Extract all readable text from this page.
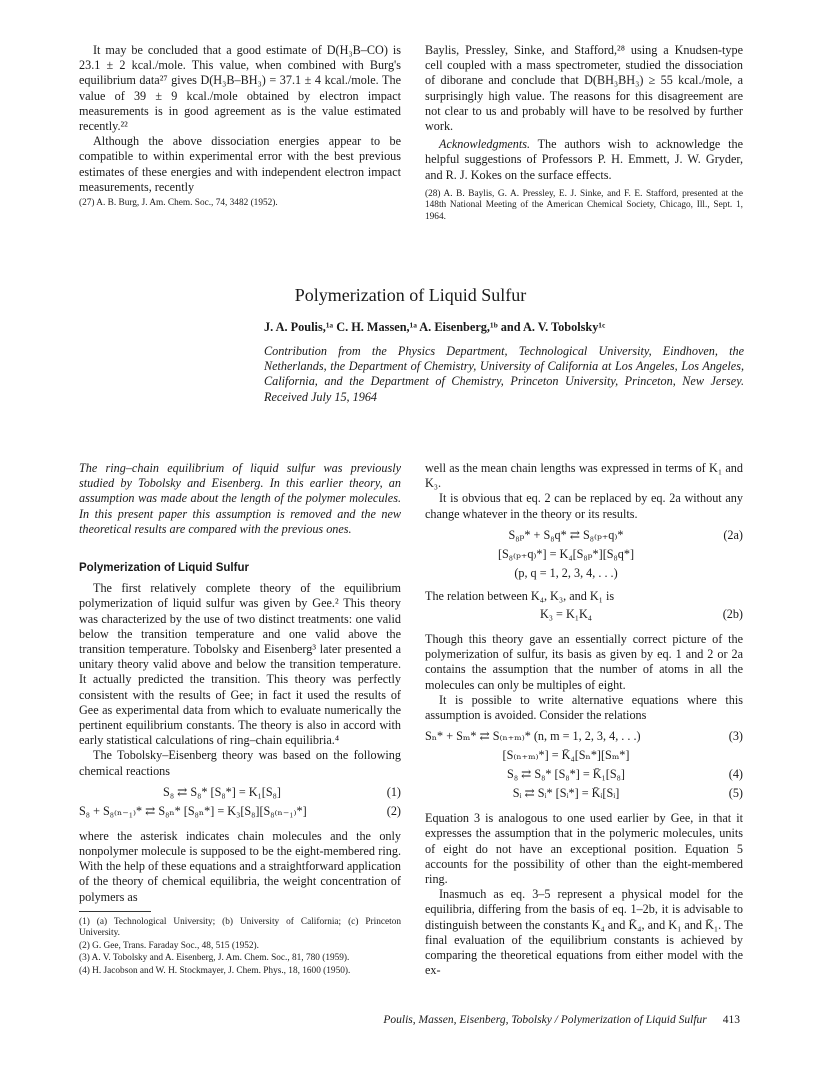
It may be concluded that a good estimate of D(H₃B–CO) is 23.1 ± 2 kcal./mole. This value, when combined with Burg's equilibrium data²⁷ gives D(H₃B–BH₃) = 37.1 ± 4 kcal./mole. The value of 39 ± 9 kcal./mole obtained by electron impact measurements is in good agreement as is the value estimated recently.²²

Although the above dissociation energies appear to be compatible to within experimental error with the best previous estimates of these energies and with independent electron impact measurements, recently

(27) A. B. Burg, J. Am. Chem. Soc., 74, 3482 (1952).

Baylis, Pressley, Sinke, and Stafford,²⁸ using a Knudsen-type cell coupled with a mass spectrometer, studied the dissociation of diborane and conclude that D(BH₃BH₃) ≥ 55 kcal./mole, a surprisingly high value. The reasons for this disagreement are not clear to us and probably will have to be resolved by further work.

Acknowledgments. The authors wish to acknowledge the helpful suggestions of Professors P. H. Emmett, J. W. Gryder, and R. J. Kokes on the surface effects.

(28) A. B. Baylis, G. A. Pressley, E. J. Sinke, and F. E. Stafford, presented at the 148th National Meeting of the American Chemical Society, Chicago, Ill., Sept. 1, 1964.

Polymerization of Liquid Sulfur
J. A. Poulis,¹ᵃ C. H. Massen,¹ᵃ A. Eisenberg,¹ᵇ and A. V. Tobolsky¹ᶜ
Contribution from the Physics Department, Technological University, Eindhoven, the Netherlands, the Department of Chemistry, University of California at Los Angeles, Los Angeles, California, and the Department of Chemistry, Princeton University, Princeton, New Jersey. Received July 15, 1964

The ring–chain equilibrium of liquid sulfur was previously studied by Tobolsky and Eisenberg. In this earlier theory, an assumption was made about the length of the polymer molecules. In this present paper this assumption is removed and the new theoretical results are compared with the previous ones.

Polymerization of Liquid Sulfur

The first relatively complete theory of the equilibrium polymerization of liquid sulfur was given by Gee.² This theory was characterized by the use of two distinct treatments: one valid below the transition temperature and one valid above the transition temperature. Tobolsky and Eisenberg³ later presented a unitary theory valid above and below the transition temperature. It actually predicted the transition. This theory was perfectly consistent with the results of Gee; in fact it used the results of Gee as experimental data from which to evaluate numerically the pertinent equilibrium constants. The theory is also in accord with early statistical calculations of ring–chain equilibria.⁴

The Tobolsky–Eisenberg theory was based on the following chemical reactions

S₈ ⇄ S₈* [S₈*] = K₁[S₈]	(1)
S₈ + S₈₍ₙ₋₁₎* ⇄ S₈ₙ* [S₈ₙ*] = K₃[S₈][S₈₍ₙ₋₁₎*]	(2)

where the asterisk indicates chain molecules and the only nonpolymer molecule is supposed to be the eight-membered ring. With the help of these equations and a straightforward application of the theory of chemical equilibria, the weight concentration of polymers as

(1) (a) Technological University; (b) University of California; (c) Princeton University.

(2) G. Gee, Trans. Faraday Soc., 48, 515 (1952).

(3) A. V. Tobolsky and A. Eisenberg, J. Am. Chem. Soc., 81, 780 (1959).

(4) H. Jacobson and W. H. Stockmayer, J. Chem. Phys., 18, 1600 (1950).

well as the mean chain lengths was expressed in terms of K₁ and K₃.

It is obvious that eq. 2 can be replaced by eq. 2a without any change whatever in the theory or its results.

S₈ₚ* + S₈q* ⇄ S₈₍ₚ₊q₎*	(2a)
[S₈₍ₚ₊q₎*] = K₄[S₈ₚ*][S₈q*]
(p, q = 1, 2, 3, 4, . . .)

The relation between K₄, K₃, and K₁ is

K₃ = K₁K₄	(2b)

Though this theory gave an essentially correct picture of the polymerization of sulfur, its basis as given by eq. 1 and 2 or 2a contains the assumption that the number of atoms in all the molecules can only be multiples of eight.

It is possible to write alternative equations where this assumption is avoided. Consider the relations

Sₙ* + Sₘ* ⇄ S₍ₙ₊ₘ₎* (n, m = 1, 2, 3, 4, . . .)	(3)
[S₍ₙ₊ₘ₎*] = K̄₄[Sₙ*][Sₘ*]
S₈ ⇄ S₈* [S₈*] = K̄₁[S₈]	(4)
Sᵢ ⇄ Sᵢ* [Sᵢ*] = K̄ᵢ[Sᵢ]	(5)

Equation 3 is analogous to one used earlier by Gee, in that it expresses the assumption that in the polymeric molecules, units of eight do not have an exceptional position. Equation 5 accounts for the possibility of other than the eight-membered ring.

Inasmuch as eq. 3–5 represent a physical model for the equilibria, differing from the basis of eq. 1–2b, it is advisable to distinguish between the constants K₄ and K̄₄, and K₁ and K̄₁. The final evaluation of the equilibrium constants is achieved by comparing the theoretical equations from either model with the ex-

Poulis, Massen, Eisenberg, Tobolsky / Polymerization of Liquid Sulfur 413
